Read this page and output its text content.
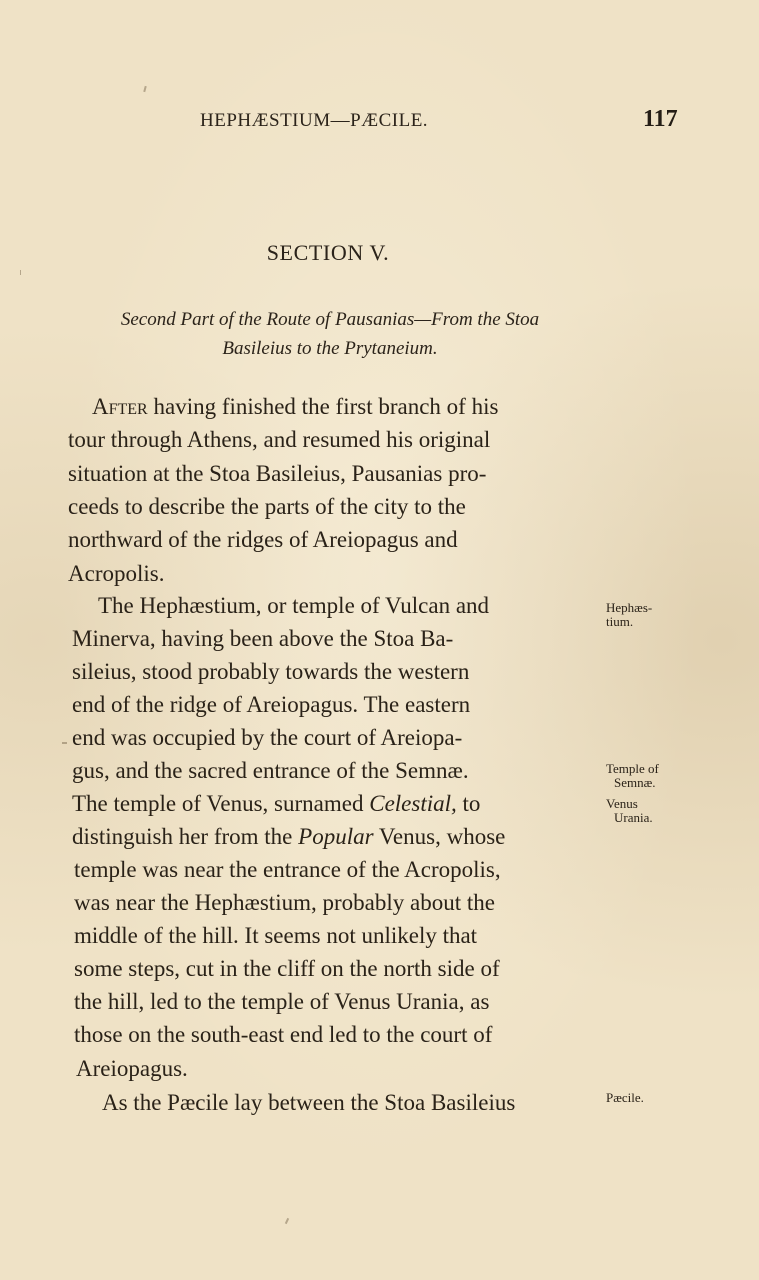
HEPHÆSTIUM—PÆCILE.	117
SECTION V.
Second Part of the Route of Pausanias—From the Stoa
Basileius to the Prytaneium.
After having finished the first branch of his
tour through Athens, and resumed his original
situation at the Stoa Basileius, Pausanias pro-
ceeds to describe the parts of the city to the
northward of the ridges of Areiopagus and
Acropolis.
The Hephæstium, or temple of Vulcan and
Minerva, having been above the Stoa Ba-
sileius, stood probably towards the western
end of the ridge of Areiopagus. The eastern
end was occupied by the court of Areiopa-
gus, and the sacred entrance of the Semnæ.
The temple of Venus, surnamed Celestial, to
distinguish her from the Popular Venus, whose
temple was near the entrance of the Acropolis,
was near the Hephæstium, probably about the
middle of the hill. It seems not unlikely that
some steps, cut in the cliff on the north side of
the hill, led to the temple of Venus Urania, as
those on the south-east end led to the court of
Areiopagus.
As the Pæcile lay between the Stoa Basileius
Hephæs-
tium.
Temple of
Semnæ.
Venus
Urania.
Pæcile.
